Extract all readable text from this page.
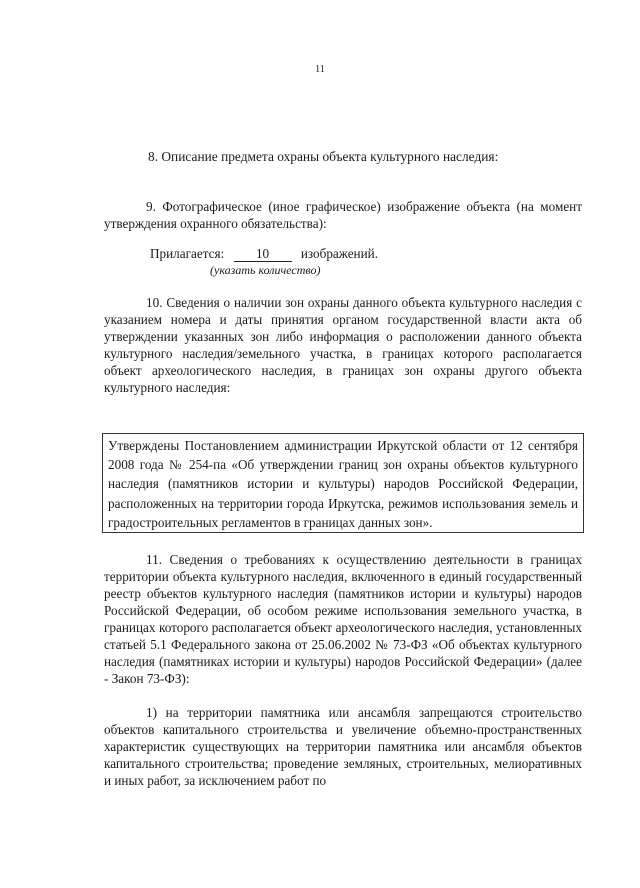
11

8. Описание предмета охраны объекта культурного наследия:

9. Фотографическое (иное графическое) изображение объекта (на момент утверждения охранного обязательства):

Прилагается: 10 изображений.
(указать количество)

10. Сведения о наличии зон охраны данного объекта культурного наследия с указанием номера и даты принятия органом государственной власти акта об утверждении указанных зон либо информация о расположении данного объекта культурного наследия/земельного участка, в границах которого располагается объект археологического наследия, в границах зон охраны другого объекта культурного наследия:

Утверждены Постановлением администрации Иркутской области от 12 сентября 2008 года № 254-па «Об утверждении границ зон охраны объектов культурного наследия (памятников истории и культуры) народов Российской Федерации, расположенных на территории города Иркутска, режимов использования земель и градостроительных регламентов в границах данных зон».

11. Сведения о требованиях к осуществлению деятельности в границах территории объекта культурного наследия, включенного в единый государственный реестр объектов культурного наследия (памятников истории и культуры) народов Российской Федерации, об особом режиме использования земельного участка, в границах которого располагается объект археологического наследия, установленных статьей 5.1 Федерального закона от 25.06.2002 № 73-ФЗ «Об объектах культурного наследия (памятниках истории и культуры) народов Российской Федерации» (далее - Закон 73-ФЗ):

1) на территории памятника или ансамбля запрещаются строительство объектов капитального строительства и увеличение объемно-пространственных характеристик существующих на территории памятника или ансамбля объектов капитального строительства; проведение земляных, строительных, мелиоративных и иных работ, за исключением работ по
